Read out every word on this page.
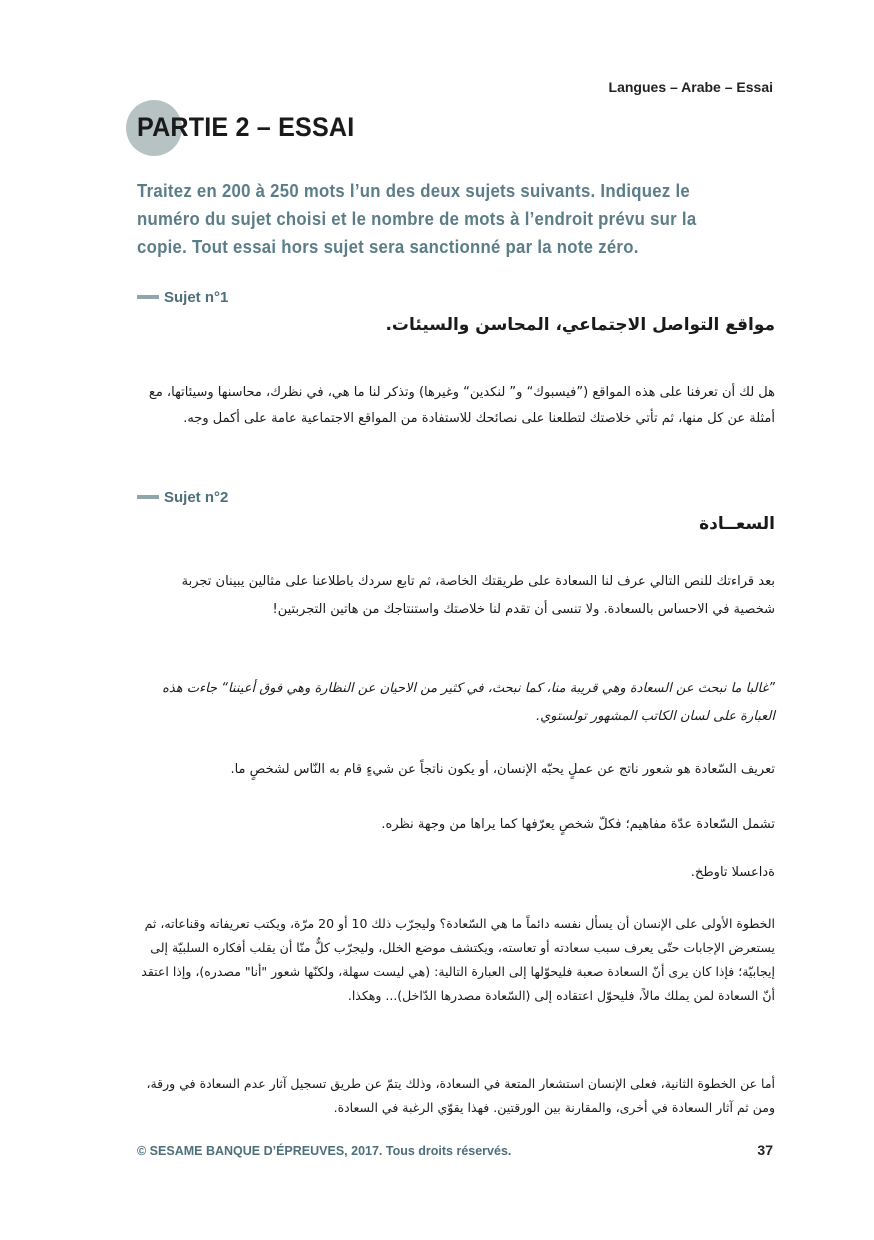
Langues – Arabe – Essai
PARTIE 2 – ESSAI

Traitez en 200 à 250 mots l’un des deux sujets suivants. Indiquez le numéro du sujet choisi et le nombre de mots à l’endroit prévu sur la copie. Tout essai hors sujet sera sanctionné par la note zéro.

Sujet n°1

مواقع التواصل الاجتماعي، المحاسن والسيئات.

هل لك أن تعرفنا على هذه المواقع (”فيسبوك“ و” لنكدين“ وغيرها) وتذكر لنا ما هي، في نظرك، محاسنها وسيئاتها، مع أمثلة عن كل منها، ثم تأتي خلاصتك لتطلعنا على نصائحك للاستفادة من المواقع الاجتماعية عامة على أكمل وجه.

Sujet n°2

السعــادة

بعد قراءتك للنص التالي عرف لنا السعادة على طريقتك الخاصة، ثم تابع سردك باطلاعنا على مثالين يبينان تجربة شخصية في الاحساس بالسعادة. ولا تنسى أن تقدم لنا خلاصتك واستنتاجك من هاتين التجربتين!

”غالبا ما نبحث عن السعادة وهي قريبة منا، كما نبحث، في كثير من الاحيان عن النظارة وهي فوق أعيننا“ جاءت هذه العبارة على لسان الكاتب المشهور تولستوي.

تعريف السّعادة هو شعور ناتج عن عملٍ يحبّه الإنسان، أو يكون ناتجاً عن شيءٍ قام به النّاس لشخصٍ ما.

تشمل السّعادة عدّة مفاهيم؛ فكلّ شخصٍ يعرّفها كما يراها من وجهة نظره.

.ةداعسلا تاوطخ

الخطوة الأولى على الإنسان أن يسأل نفسه دائماً ما هي السّعادة؟ وليجرّب ذلك 10 أو 20 مرّة، ويكتب تعريفاته وقناعاته، ثم يستعرض الإجابات حتّى يعرف سبب سعادته أو تعاسته، ويكتشف موضع الخلل، وليجرّب كلٌّ منّا أن يقلب أفكاره السلبيّة إلى إيجابيّة؛ فإذا كان يرى أنّ السعادة صعبة فليحوّلها إلى العبارة التالية: (هي ليست سهلة، ولكنّها شعور "أنا" مصدره)، وإذا اعتقد أنّ السعادة لمن يملك مالاً، فليحوّل اعتقاده إلى (السّعادة مصدرها الدّاخل)... وهكذا.

أما عن الخطوة الثانية، فعلى الإنسان استشعار المتعة في السعادة، وذلك يتمّ عن طريق تسجيل آثار عدم السعادة في ورقة، ومن ثم آثار السعادة في أخرى، والمقارنة بين الورقتين. فهذا يقوّي الرغبة في السعادة.

© SESAME BANQUE D’ÉPREUVES, 2017. Tous droits réservés.	37
